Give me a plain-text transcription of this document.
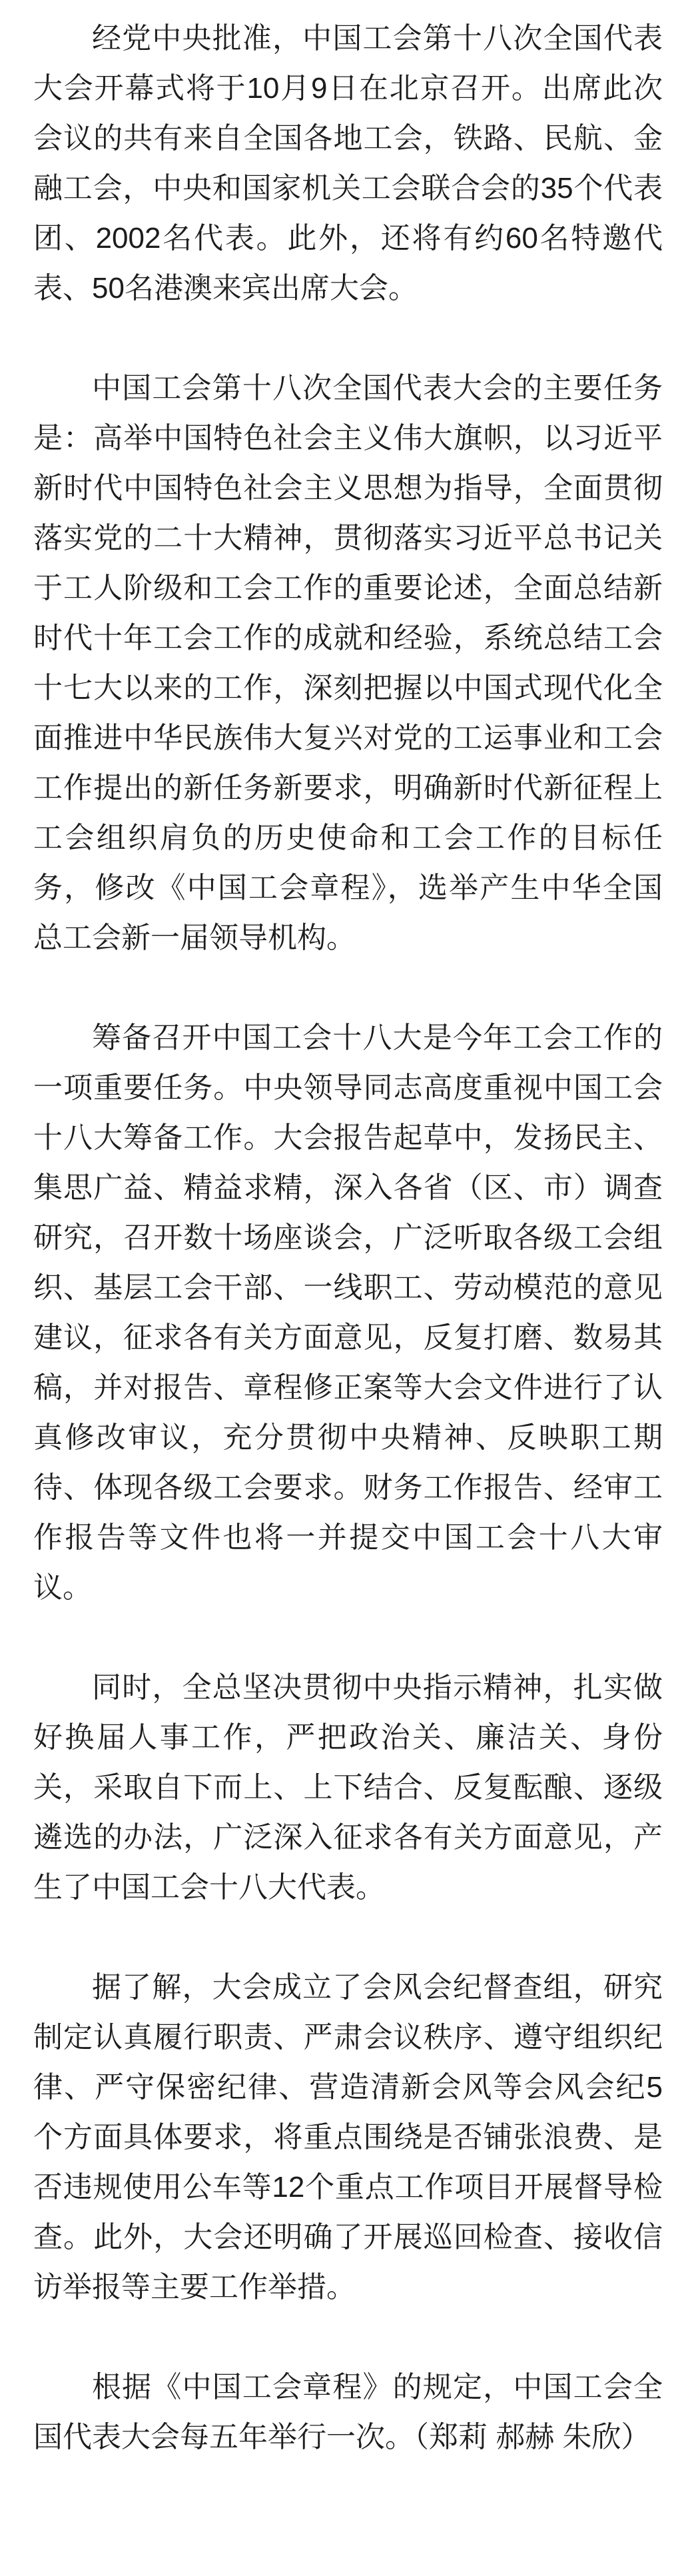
经党中央批准，中国工会第十八次全国代表大会开幕式将于10月9日在北京召开。出席此次会议的共有来自全国各地工会，铁路、民航、金融工会，中央和国家机关工会联合会的35个代表团、2002名代表。此外，还将有约60名特邀代表、50名港澳来宾出席大会。

中国工会第十八次全国代表大会的主要任务是：高举中国特色社会主义伟大旗帜，以习近平新时代中国特色社会主义思想为指导，全面贯彻落实党的二十大精神，贯彻落实习近平总书记关于工人阶级和工会工作的重要论述，全面总结新时代十年工会工作的成就和经验，系统总结工会十七大以来的工作，深刻把握以中国式现代化全面推进中华民族伟大复兴对党的工运事业和工会工作提出的新任务新要求，明确新时代新征程上工会组织肩负的历史使命和工会工作的目标任务，修改《中国工会章程》，选举产生中华全国总工会新一届领导机构。

筹备召开中国工会十八大是今年工会工作的一项重要任务。中央领导同志高度重视中国工会十八大筹备工作。大会报告起草中，发扬民主、集思广益、精益求精，深入各省（区、市）调查研究，召开数十场座谈会，广泛听取各级工会组织、基层工会干部、一线职工、劳动模范的意见建议，征求各有关方面意见，反复打磨、数易其稿，并对报告、章程修正案等大会文件进行了认真修改审议，充分贯彻中央精神、反映职工期待、体现各级工会要求。财务工作报告、经审工作报告等文件也将一并提交中国工会十八大审议。

同时，全总坚决贯彻中央指示精神，扎实做好换届人事工作，严把政治关、廉洁关、身份关，采取自下而上、上下结合、反复酝酿、逐级遴选的办法，广泛深入征求各有关方面意见，产生了中国工会十八大代表。

据了解，大会成立了会风会纪督查组，研究制定认真履行职责、严肃会议秩序、遵守组织纪律、严守保密纪律、营造清新会风等会风会纪5个方面具体要求，将重点围绕是否铺张浪费、是否违规使用公车等12个重点工作项目开展督导检查。此外，大会还明确了开展巡回检查、接收信访举报等主要工作举措。

根据《中国工会章程》的规定，中国工会全国代表大会每五年举行一次。（郑莉 郝赫 朱欣）
